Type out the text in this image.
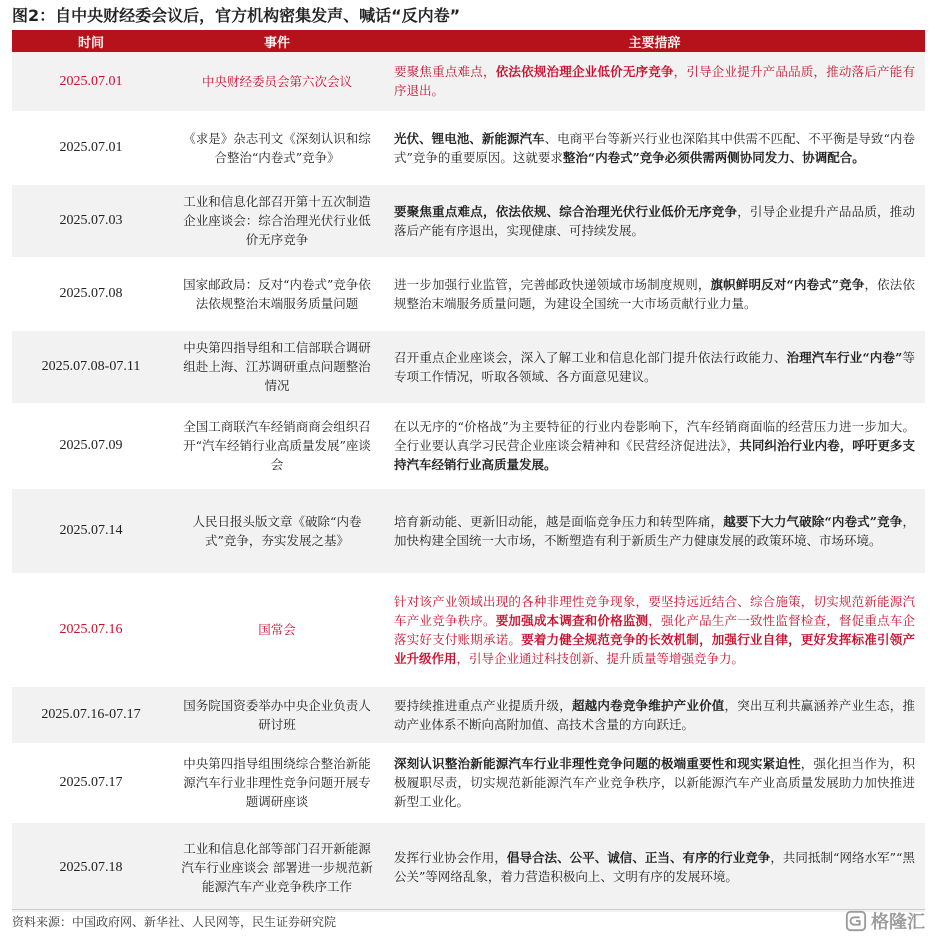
图2：自中央财经委会议后，官方机构密集发声、喊话“反内卷”
时间	事件	主要措辞
2025.07.01	中央财经委员会第六次会议	要聚焦重点难点，依法依规治理企业低价无序竞争，引导企业提升产品品质，推动落后产能有序退出。
2025.07.01	《求是》杂志刊文《深刻认识和综合整治“内卷式”竞争》	光伏、锂电池、新能源汽车、电商平台等新兴行业也深陷其中供需不匹配、不平衡是导致“内卷式”竞争的重要原因。这就要求整治“内卷式”竞争必须供需两侧协同发力、协调配合。
2025.07.03	工业和信息化部召开第十五次制造企业座谈会：综合治理光伏行业低价无序竞争	要聚焦重点难点，依法依规、综合治理光伏行业低价无序竞争，引导企业提升产品品质，推动落后产能有序退出，实现健康、可持续发展。
2025.07.08	国家邮政局：反对“内卷式”竞争依法依规整治末端服务质量问题	进一步加强行业监管，完善邮政快递领域市场制度规则，旗帜鲜明反对“内卷式”竞争，依法依规整治末端服务质量问题，为建设全国统一大市场贡献行业力量。
2025.07.08-07.11	中央第四指导组和工信部联合调研组赴上海、江苏调研重点问题整治情况	召开重点企业座谈会，深入了解工业和信息化部门提升依法行政能力、治理汽车行业“内卷”等专项工作情况，听取各领域、各方面意见建议。
2025.07.09	全国工商联汽车经销商商会组织召开“汽车经销行业高质量发展”座谈会	在以无序的“价格战”为主要特征的行业内卷影响下，汽车经销商面临的经营压力进一步加大。全行业要认真学习民营企业座谈会精神和《民营经济促进法》，共同纠治行业内卷，呼吁更多支持汽车经销行业高质量发展。
2025.07.14	人民日报头版文章《破除“内卷式”竞争，夯实发展之基》	培育新动能、更新旧动能，越是面临竞争压力和转型阵痛，越要下大力气破除“内卷式”竞争，加快构建全国统一大市场，不断塑造有利于新质生产力健康发展的政策环境、市场环境。
2025.07.16	国常会	针对该产业领域出现的各种非理性竞争现象，要坚持远近结合、综合施策，切实规范新能源汽车产业竞争秩序。要加强成本调查和价格监测，强化产品生产一致性监督检查，督促重点车企落实好支付账期承诺。要着力健全规范竞争的长效机制，加强行业自律，更好发挥标准引领产业升级作用，引导企业通过科技创新、提升质量等增强竞争力。
2025.07.16-07.17	国务院国资委举办中央企业负责人研讨班	要持续推进重点产业提质升级，超越内卷竞争维护产业价值，突出互利共赢涵养产业生态，推动产业体系不断向高附加值、高技术含量的方向跃迁。
2025.07.17	中央第四指导组围绕综合整治新能源汽车行业非理性竞争问题开展专题调研座谈	深刻认识整治新能源汽车行业非理性竞争问题的极端重要性和现实紧迫性，强化担当作为，积极履职尽责，切实规范新能源汽车产业竞争秩序，以新能源汽车产业高质量发展助力加快推进新型工业化。
2025.07.18	工业和信息化部等部门召开新能源汽车行业座谈会 部署进一步规范新能源汽车产业竞争秩序工作	发挥行业协会作用，倡导合法、公平、诚信、正当、有序的行业竞争，共同抵制“网络水军”“黑公关”等网络乱象，着力营造积极向上、文明有序的发展环境。
资料来源：中国政府网、新华社、人民网等，民生证券研究院	格隆汇
